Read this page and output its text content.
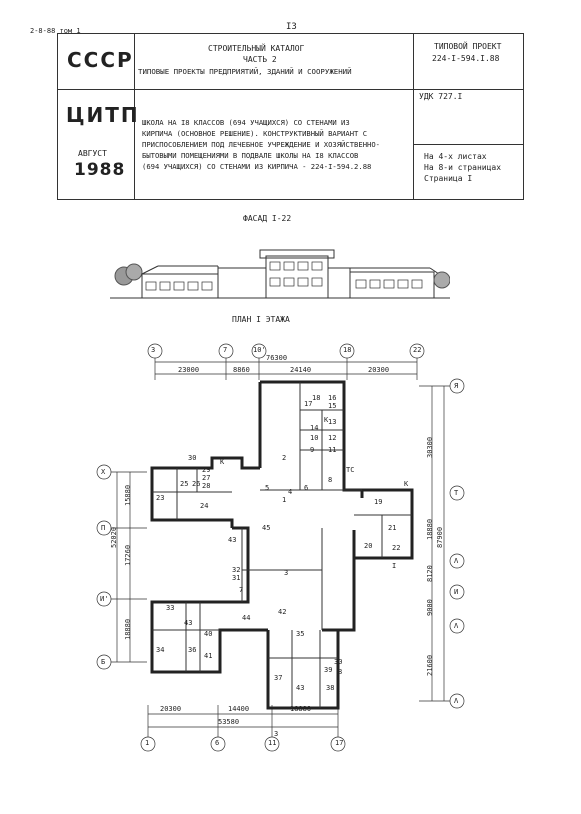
2-8-88 том 1	I3
СССР
ЦИТП
АВГУСТ
1988
СТРОИТЕЛЬНЫЙ КАТАЛОГ
ЧАСТЬ 2
ТИПОВЫЕ ПРОЕКТЫ ПРЕДПРИЯТИЙ, ЗДАНИЙ И СООРУЖЕНИЙ
ТИПОВОЙ ПРОЕКТ
224-I-594.I.88
УДК 727.I
ШКОЛА НА I8 КЛАССОВ (694 УЧАЩИХСЯ) СО СТЕНАМИ ИЗ
КИРПИЧА (ОСНОВНОЕ РЕШЕНИЕ). КОНСТРУКТИВНЫЙ ВАРИАНТ С
ПРИСПОСОБЛЕНИЕМ ПОД ЛЕЧЕБНОЕ УЧРЕЖДЕНИЕ И ХОЗЯЙСТВЕННО-
БЫТОВЫМИ ПОМЕЩЕНИЯМИ В ПОДВАЛЕ ШКОЛЫ НА I8 КЛАССОВ
(694 УЧАЩИХСЯ) СО СТЕНАМИ ИЗ КИРПИЧА - 224-I-594.2.88
На 4-х листах
На 8-и страницах
Страница I
ФАСАД I-22
ПЛАН I ЭТАЖА
1
2
3
4
5	6
7
8
9
10
11
12
13
14
15
16
17
18
19
20
21
22
23
24
25 26
27
28
29
30
31
32
33
34
35
36
37
38
39
40
41
42
43
43
44
45
43
К
К
К
ТС
30
8
3
I
3	7	10'	18	22
1	6	11	17
Х
П
И'
Б
Я
Т
Λ
И
Λ
Λ
76300
23000	8860	24140	20300
53580
20300	14400	18880
52020
15880
17260
18880
87900
30300
18880
8120
9000
21600
